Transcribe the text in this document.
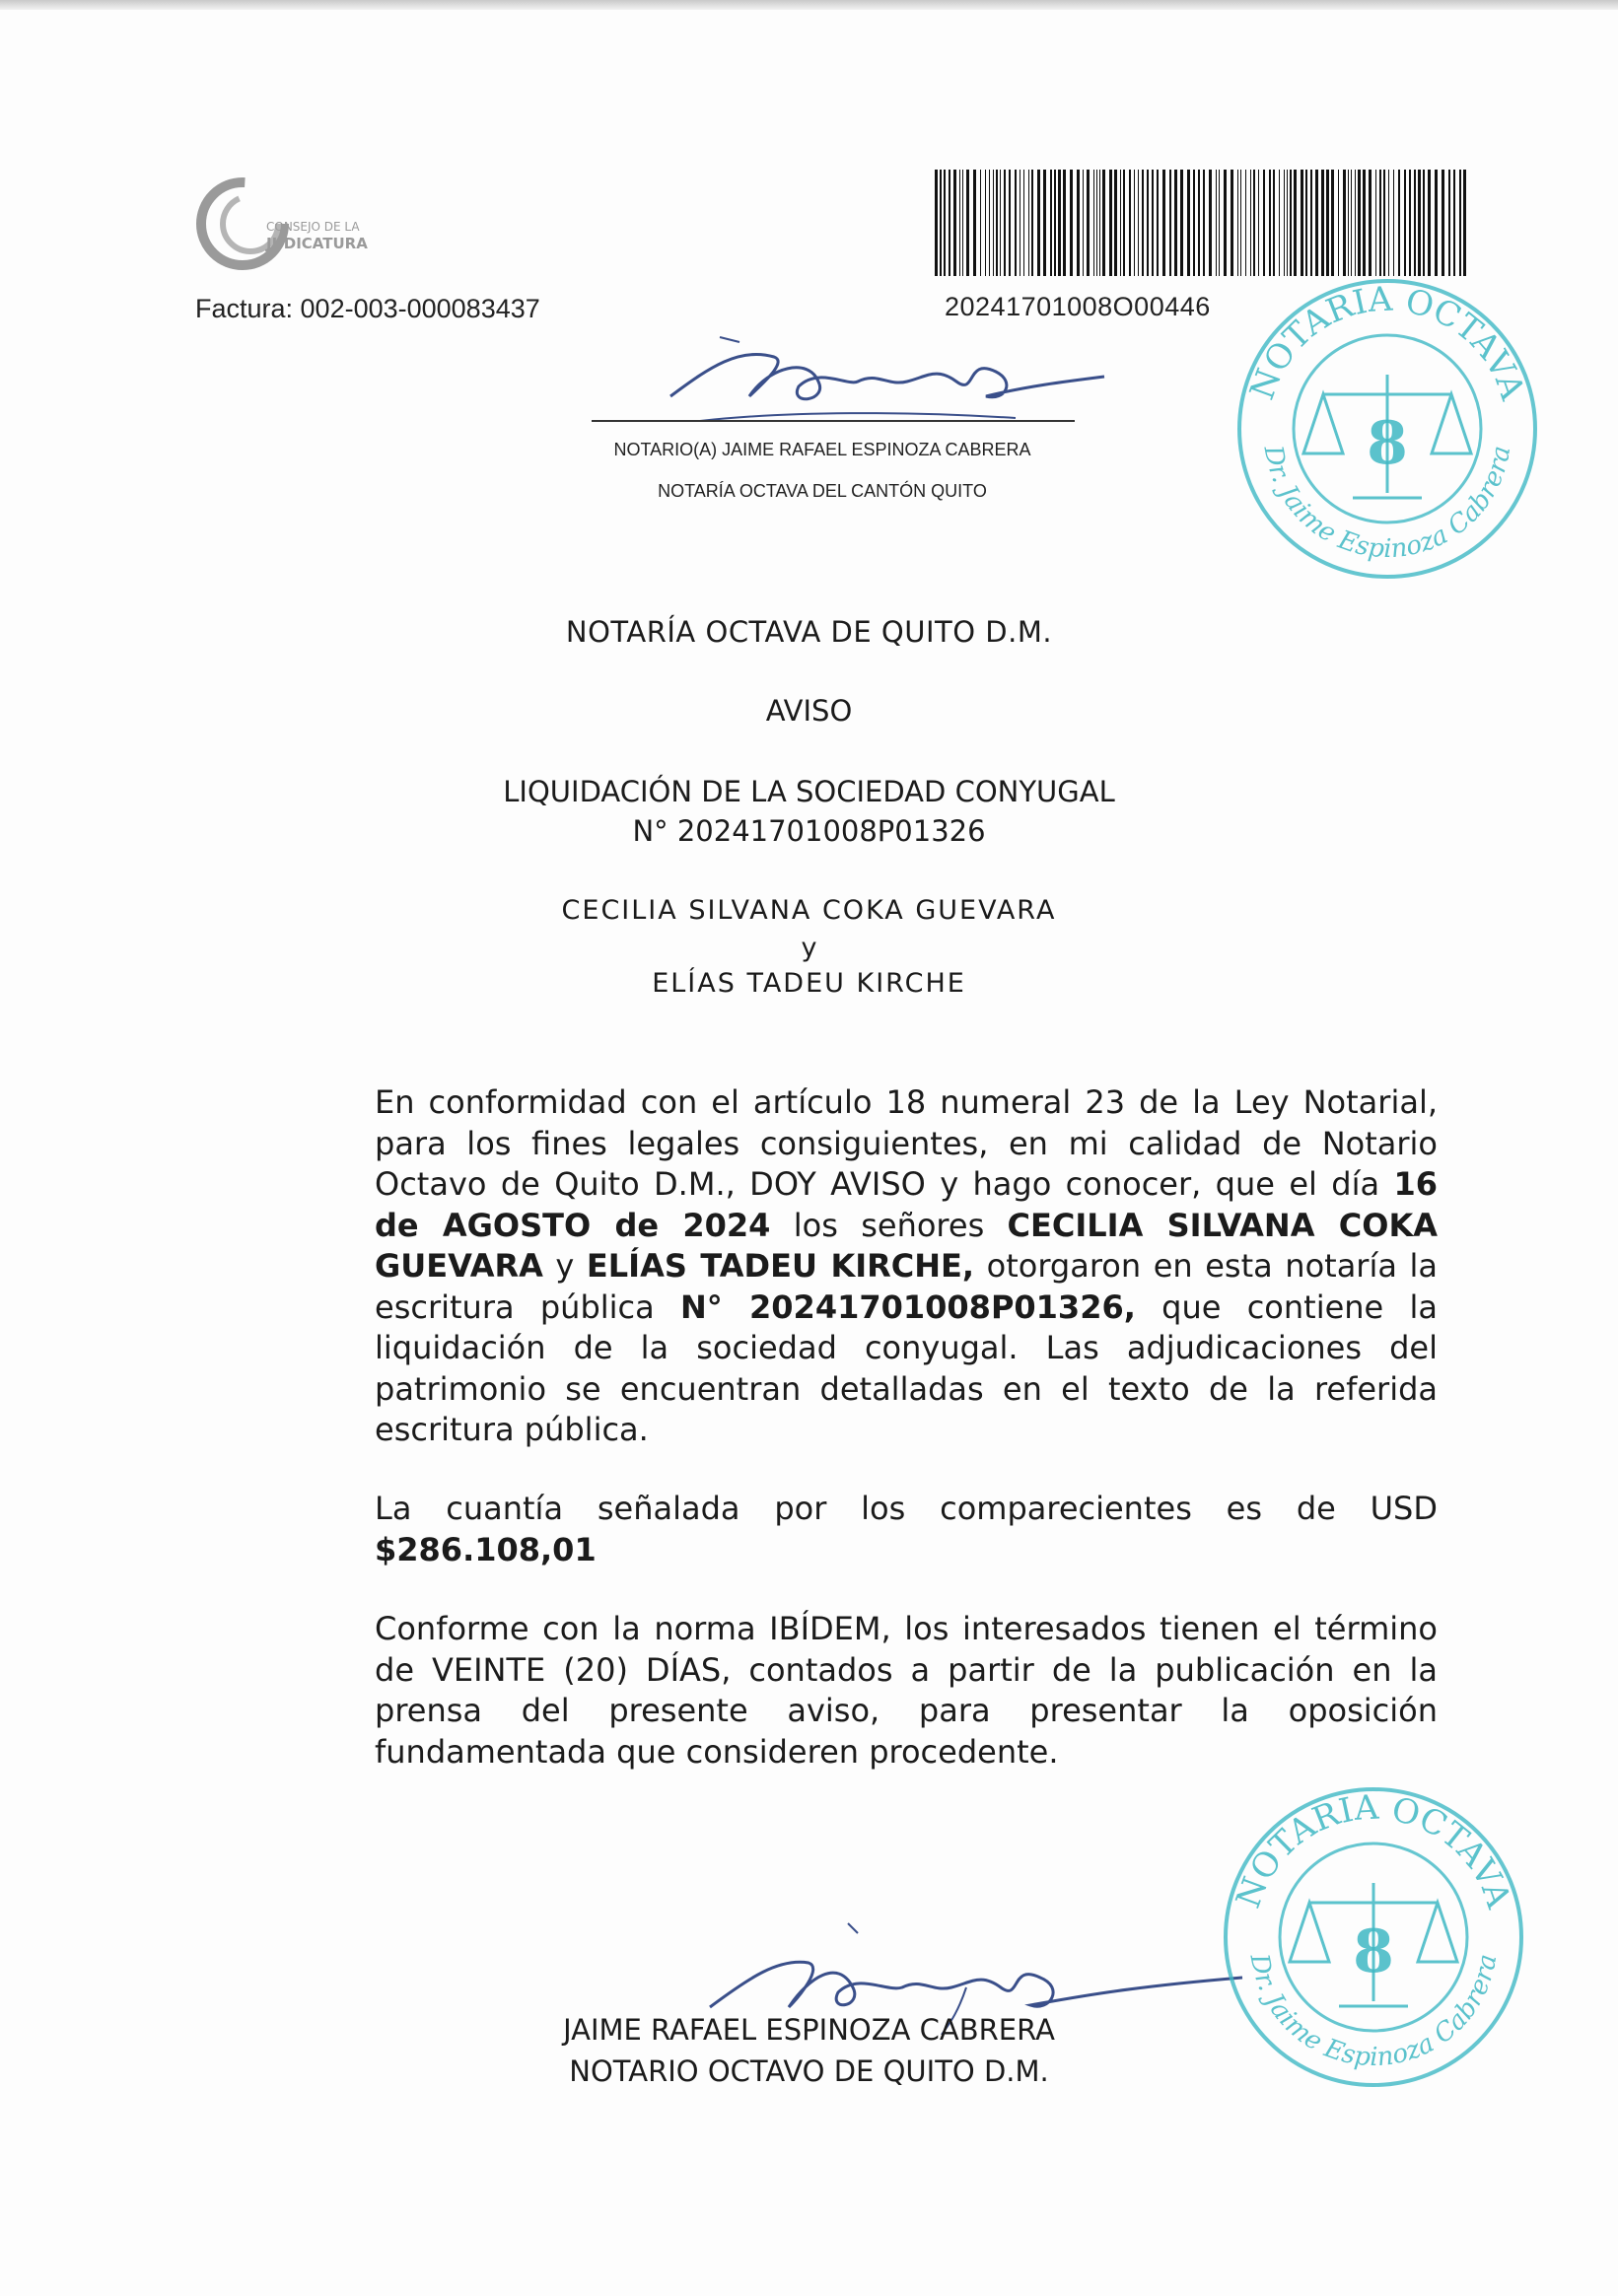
CONSEJO DE LA
JUDICATURA
Factura: 002-003-000083437	20241701008O00446
NOTARIO(A) JAIME RAFAEL ESPINOZA CABRERA
NOTARÍA OCTAVA DEL CANTÓN QUITO
NOTARIA OCTAVA
Dr. Jaime Espinoza Cabrera
8
NOTARÍA OCTAVA DE QUITO D.M.
AVISO
LIQUIDACIÓN DE LA SOCIEDAD CONYUGAL
N° 20241701008P01326
CECILIA SILVANA COKA GUEVARA
y
ELÍAS TADEU KIRCHE
En conformidad con el artículo 18 numeral 23 de la Ley Notarial, para los fines legales consiguientes, en mi calidad de Notario Octavo de Quito D.M., DOY AVISO y hago conocer, que el día 16 de AGOSTO de 2024 los señores CECILIA SILVANA COKA GUEVARA y ELÍAS TADEU KIRCHE, otorgaron en esta notaría la escritura pública N° 20241701008P01326, que contiene la liquidación de la sociedad conyugal. Las adjudicaciones del patrimonio se encuentran detalladas en el texto de la referida escritura pública.
La cuantía señalada por los comparecientes es de USD $286.108,01
Conforme con la norma IBÍDEM, los interesados tienen el término de VEINTE (20) DÍAS, contados a partir de la publicación en la prensa del presente aviso, para presentar la oposición fundamentada que consideren procedente.
JAIME RAFAEL ESPINOZA CABRERA
NOTARIO OCTAVO DE QUITO D.M.
NOTARIA OCTAVA
Dr. Jaime Espinoza Cabrera
8
